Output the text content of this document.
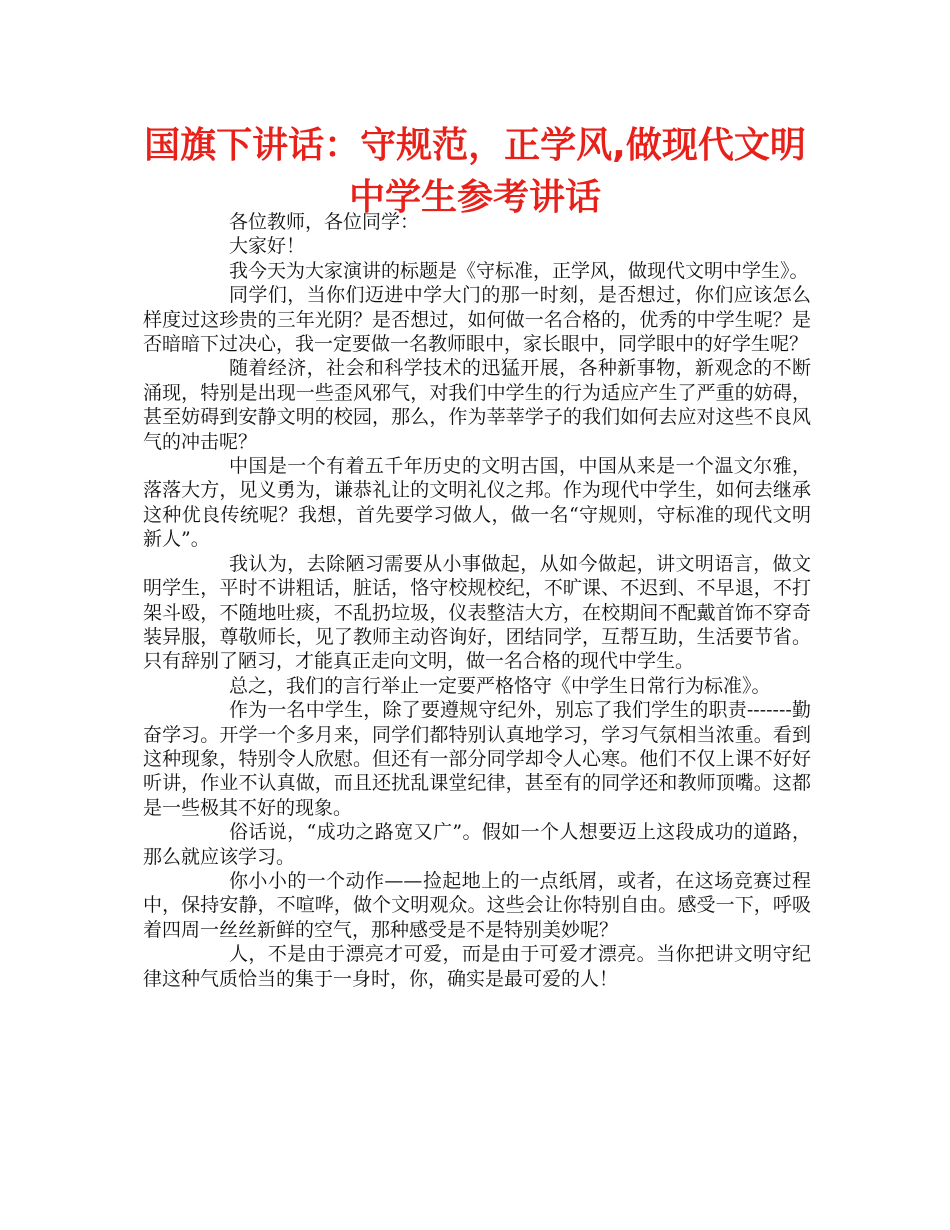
国旗下讲话：守规范，正学风,做现代文明
中学生参考讲话

各位教师，各位同学：

大家好！

我今天为大家演讲的标题是《守标准，正学风，做现代文明中学生》。

同学们，当你们迈进中学大门的那一时刻，是否想过，你们应该怎么样度过这珍贵的三年光阴？是否想过，如何做一名合格的，优秀的中学生呢？是否暗暗下过决心，我一定要做一名教师眼中，家长眼中，同学眼中的好学生呢？

随着经济，社会和科学技术的迅猛开展，各种新事物，新观念的不断涌现，特别是出现一些歪风邪气，对我们中学生的行为适应产生了严重的妨碍，甚至妨碍到安静文明的校园，那么，作为莘莘学子的我们如何去应对这些不良风气的冲击呢？

中国是一个有着五千年历史的文明古国，中国从来是一个温文尔雅，落落大方，见义勇为，谦恭礼让的文明礼仪之邦。作为现代中学生，如何去继承这种优良传统呢？我想，首先要学习做人，做一名“守规则，守标准的现代文明新人”。

我认为，去除陋习需要从小事做起，从如今做起，讲文明语言，做文明学生，平时不讲粗话，脏话，恪守校规校纪，不旷课、不迟到、不早退，不打架斗殴，不随地吐痰，不乱扔垃圾，仪表整洁大方，在校期间不配戴首饰不穿奇装异服，尊敬师长，见了教师主动咨询好，团结同学，互帮互助，生活要节省。只有辞别了陋习，才能真正走向文明，做一名合格的现代中学生。

总之，我们的言行举止一定要严格恪守《中学生日常行为标准》。

作为一名中学生，除了要遵规守纪外，别忘了我们学生的职责-------勤奋学习。开学一个多月来，同学们都特别认真地学习，学习气氛相当浓重。看到这种现象，特别令人欣慰。但还有一部分同学却令人心寒。他们不仅上课不好好听讲，作业不认真做，而且还扰乱课堂纪律，甚至有的同学还和教师顶嘴。这都是一些极其不好的现象。

俗话说，“成功之路宽又广”。假如一个人想要迈上这段成功的道路，那么就应该学习。

你小小的一个动作——捡起地上的一点纸屑，或者，在这场竞赛过程中，保持安静，不喧哗，做个文明观众。这些会让你特别自由。感受一下，呼吸着四周一丝丝新鲜的空气，那种感受是不是特别美妙呢？

人，不是由于漂亮才可爱，而是由于可爱才漂亮。当你把讲文明守纪律这种气质恰当的集于一身时，你，确实是最可爱的人！
